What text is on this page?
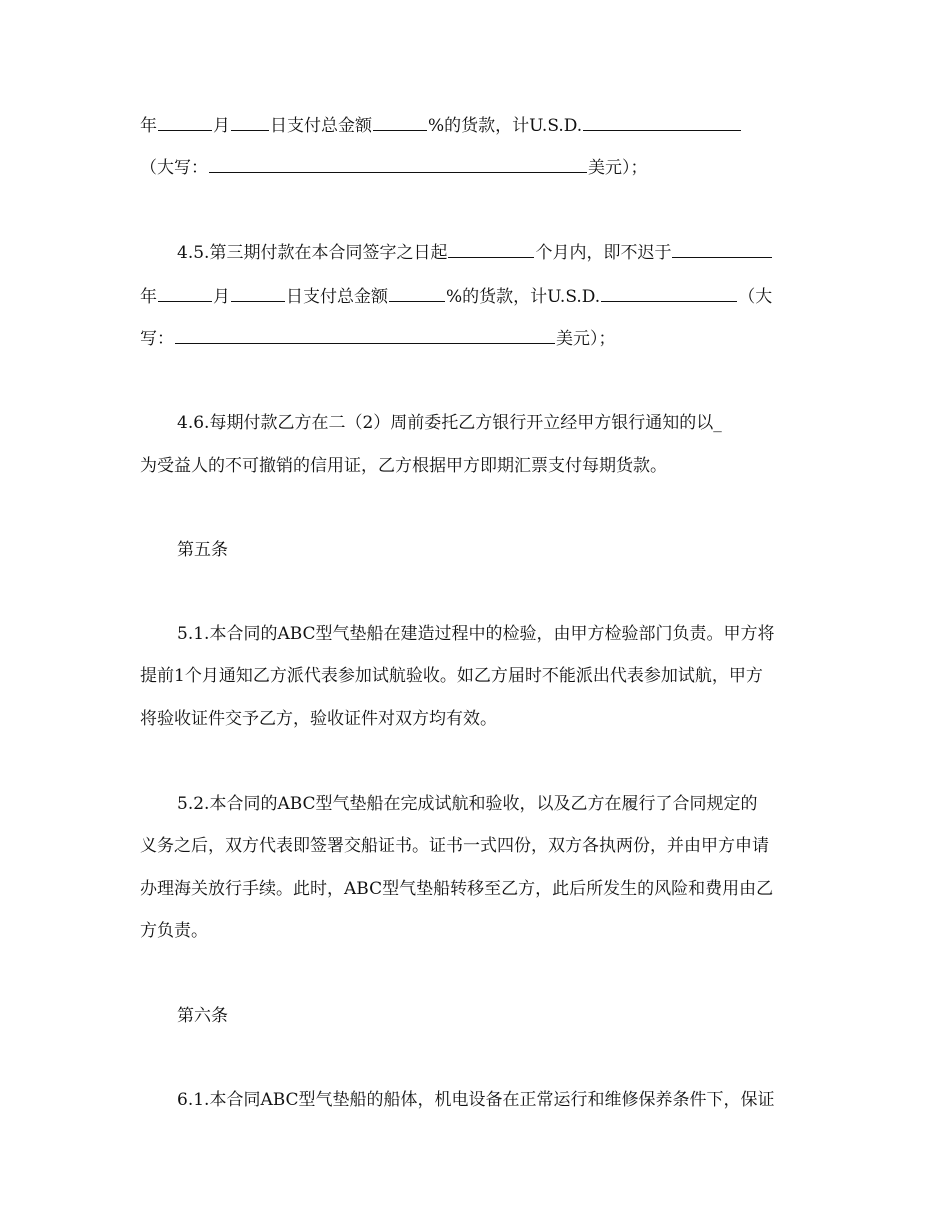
年	月 日支付总金额	%的货款，计U.S.D.
（大写：	美元）；
4.5.第三期付款在本合同签字之日起	个月内，即不迟于
年	月	日支付总金额	%的货款，计U.S.D.	（大
写：	美元）；
4.6.每期付款乙方在二（2）周前委托乙方银行开立经甲方银行通知的以_
为受益人的不可撤销的信用证，乙方根据甲方即期汇票支付每期货款。
第五条
5.1.本合同的ABC型气垫船在建造过程中的检验，由甲方检验部门负责。甲方将
提前1个月通知乙方派代表参加试航验收。如乙方届时不能派出代表参加试航，甲方
将验收证件交予乙方，验收证件对双方均有效。
5.2.本合同的ABC型气垫船在完成试航和验收，以及乙方在履行了合同规定的
义务之后，双方代表即签署交船证书。证书一式四份，双方各执两份，并由甲方申请
办理海关放行手续。此时，ABC型气垫船转移至乙方，此后所发生的风险和费用由乙
方负责。
第六条
6.1.本合同ABC型气垫船的船体，机电设备在正常运行和维修保养条件下，保证
